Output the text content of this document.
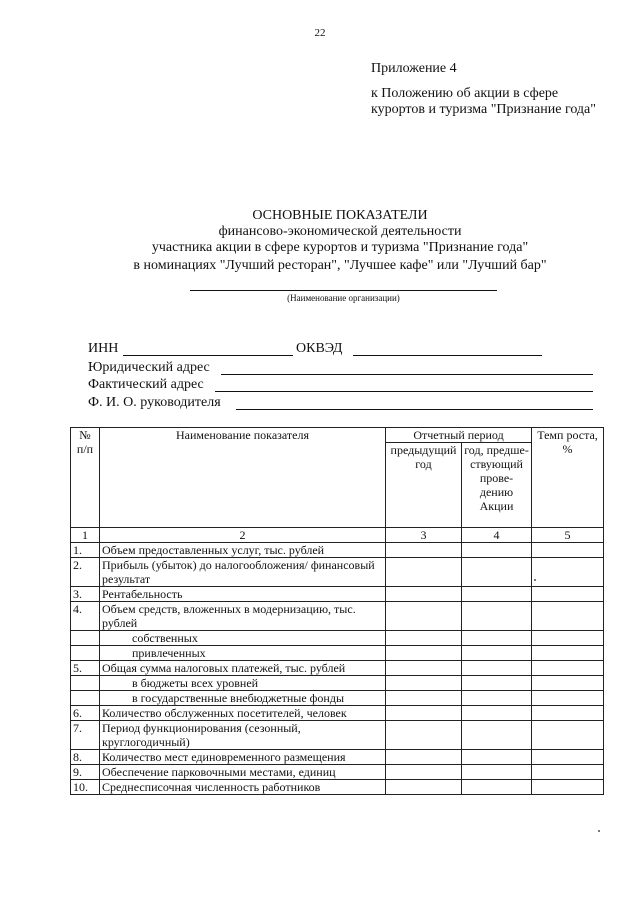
22
Приложение 4
к Положению об акции в сфере курортов и туризма "Признание года"
ОСНОВНЫЕ ПОКАЗАТЕЛИ
финансово-экономической деятельности
участника акции в сфере курортов и туризма "Признание года"
в номинациях "Лучший ресторан", "Лучшее кафе" или "Лучший бар"
(Наименование организации)
ИНН	ОКВЭД
Юридический адрес
Фактический адрес
Ф. И. О. руководителя
№ п/п	Наименование показателя	Отчетный период		Темп роста, %
		предыдущий год	год, предше-ствующий прове-дению Акции	
1	2	3	4	5
1.	Объем предоставленных услуг, тыс. рублей			
2.	Прибыль (убыток) до налогообложения/ финансовый результат			
3.	Рентабельность			
4.	Объем средств, вложенных в модернизацию, тыс. рублей			
	собственных			
	привлеченных			
5.	Общая сумма налоговых платежей, тыс. рублей			
	в бюджеты всех уровней			
	в государственные внебюджетные фонды			
6.	Количество обслуженных посетителей, человек			
7.	Период функционирования (сезонный, круглогодичный)			
8.	Количество мест единовременного размещения			
9.	Обеспечение парковочными местами, единиц			
10.	Среднесписочная численность работников			
